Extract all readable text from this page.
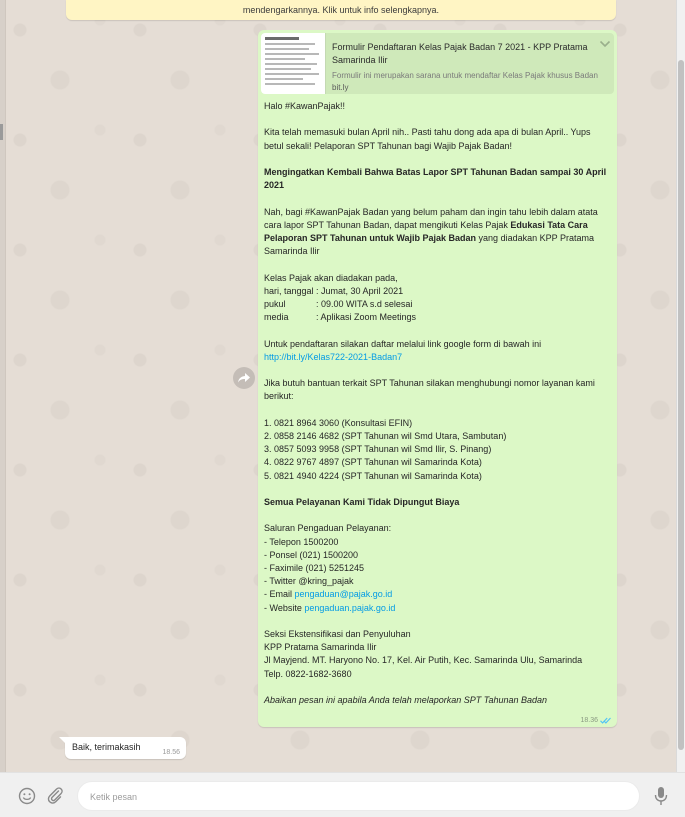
mendengarkannya. Klik untuk info selengkapnya.
Formulir Pendaftaran Kelas Pajak Badan 7 2021 - KPP Pratama Samarinda Ilir
Formulir ini merupakan sarana untuk mendaftar Kelas Pajak khusus Badan
bit.ly

Halo #KawanPajak!!

Kita telah memasuki bulan April nih.. Pasti tahu dong ada apa di bulan April.. Yups betul sekali! Pelaporan SPT Tahunan bagi Wajib Pajak Badan!

Mengingatkan Kembali Bahwa Batas Lapor SPT Tahunan Badan sampai 30 April 2021

Nah, bagi #KawanPajak Badan yang belum paham dan ingin tahu lebih dalam atata cara lapor SPT Tahunan Badan, dapat mengikuti Kelas Pajak Edukasi Tata Cara Pelaporan SPT Tahunan untuk Wajib Pajak Badan yang diadakan KPP Pratama Samarinda Ilir

Kelas Pajak akan diadakan pada,

hari, tanggal : Jumat, 30 April 2021

pukul	: 09.00 WITA s.d selesai

media	: Aplikasi Zoom Meetings

Untuk pendaftaran silakan daftar melalui link google form di bawah ini

http://bit.ly/Kelas722-2021-Badan7

Jika butuh bantuan terkait SPT Tahunan silakan menghubungi nomor layanan kami berikut:

1. 0821 8964 3060 (Konsultasi EFIN)

2. 0858 2146 4682 (SPT Tahunan wil Smd Utara, Sambutan)

3. 0857 5093 9958 (SPT Tahunan wil Smd Ilir, S. Pinang)

4. 0822 9767 4897 (SPT Tahunan wil Samarinda Kota)

5. 0821 4940 4224 (SPT Tahunan wil Samarinda Kota)

Semua Pelayanan Kami Tidak Dipungut Biaya

Saluran Pengaduan Pelayanan:

- Telepon 1500200

- Ponsel (021) 1500200

- Faximile (021) 5251245

- Twitter @kring_pajak

- Email pengaduan@pajak.go.id

- Website pengaduan.pajak.go.id

Seksi Ekstensifikasi dan Penyuluhan

KPP Pratama Samarinda Ilir

Jl Mayjend. MT. Haryono No. 17, Kel. Air Putih, Kec. Samarinda Ulu, Samarinda

Telp. 0822-1682-3680

Abaikan pesan ini apabila Anda telah melaporkan SPT Tahunan Badan

18.36
Baik, terimakasih
18.56
Ketik pesan
